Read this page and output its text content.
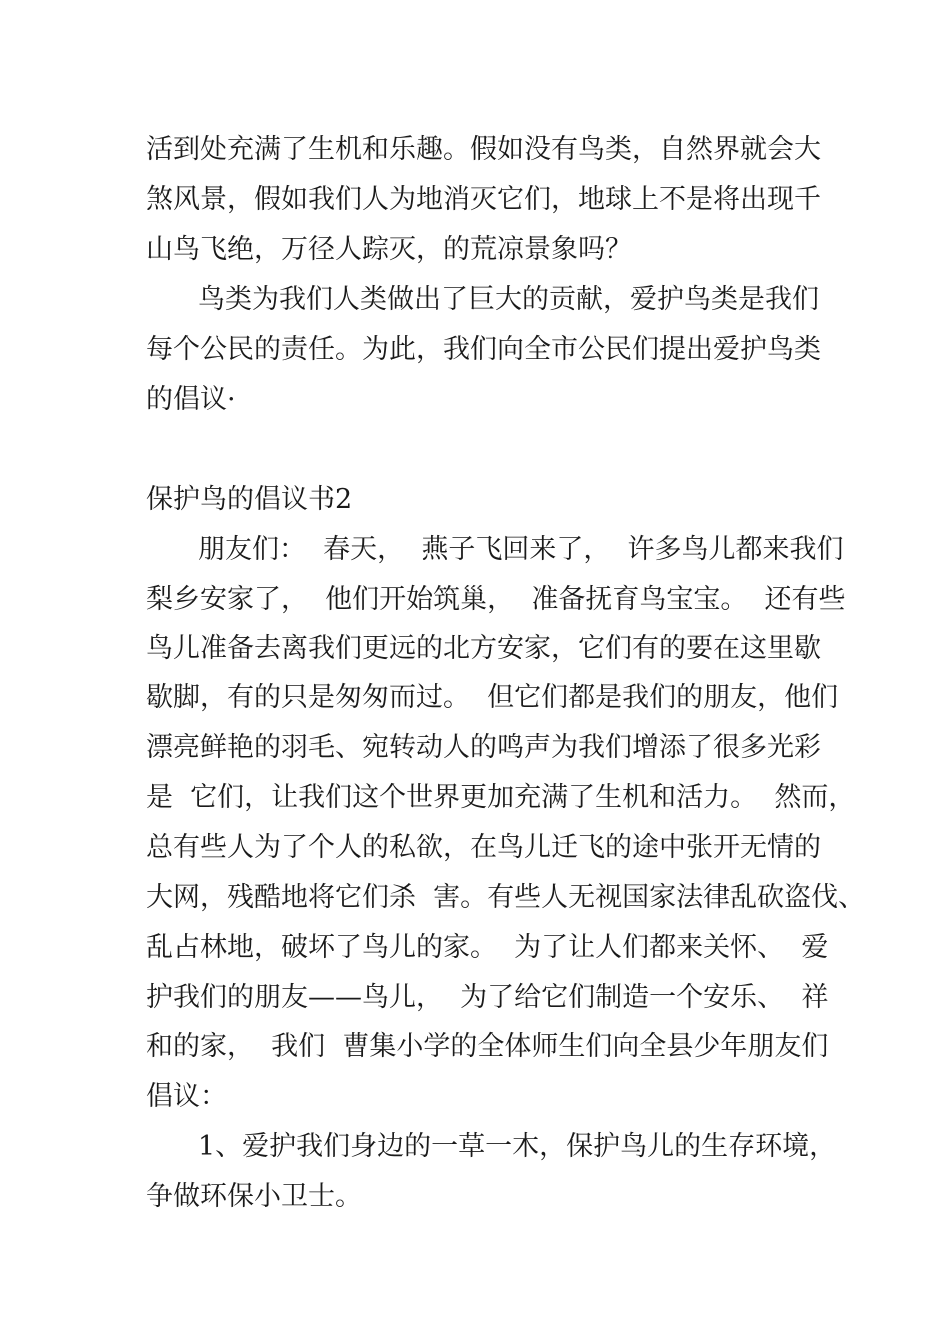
活到处充满了生机和乐趣。假如没有鸟类，自然界就会大
煞风景，假如我们人为地消灭它们，地球上不是将出现千
山鸟飞绝，万径人踪灭，的荒凉景象吗？
鸟类为我们人类做出了巨大的贡献，爱护鸟类是我们
每个公民的责任。为此，我们向全市公民们提出爱护鸟类
的倡议·
保护鸟的倡议书2
朋友们：  春天，  燕子飞回来了，  许多鸟儿都来我们
梨乡安家了，  他们开始筑巢，  准备抚育鸟宝宝。  还有些
鸟儿准备去离我们更远的北方安家，它们有的要在这里歇
歇脚，有的只是匆匆而过。  但它们都是我们的朋友，他们
漂亮鲜艳的羽毛、宛转动人的鸣声为我们增添了很多光彩
是  它们，让我们这个世界更加充满了生机和活力。  然而，
总有些人为了个人的私欲，在鸟儿迁飞的途中张开无情的
大网，残酷地将它们杀  害。有些人无视国家法律乱砍盗伐、
乱占林地，破坏了鸟儿的家。  为了让人们都来关怀、  爱
护我们的朋友——鸟儿，  为了给它们制造一个安乐、  祥
和的家，  我们  曹集小学的全体师生们向全县少年朋友们
倡议：
1、爱护我们身边的一草一木，保护鸟儿的生存环境，
争做环保小卫士。
